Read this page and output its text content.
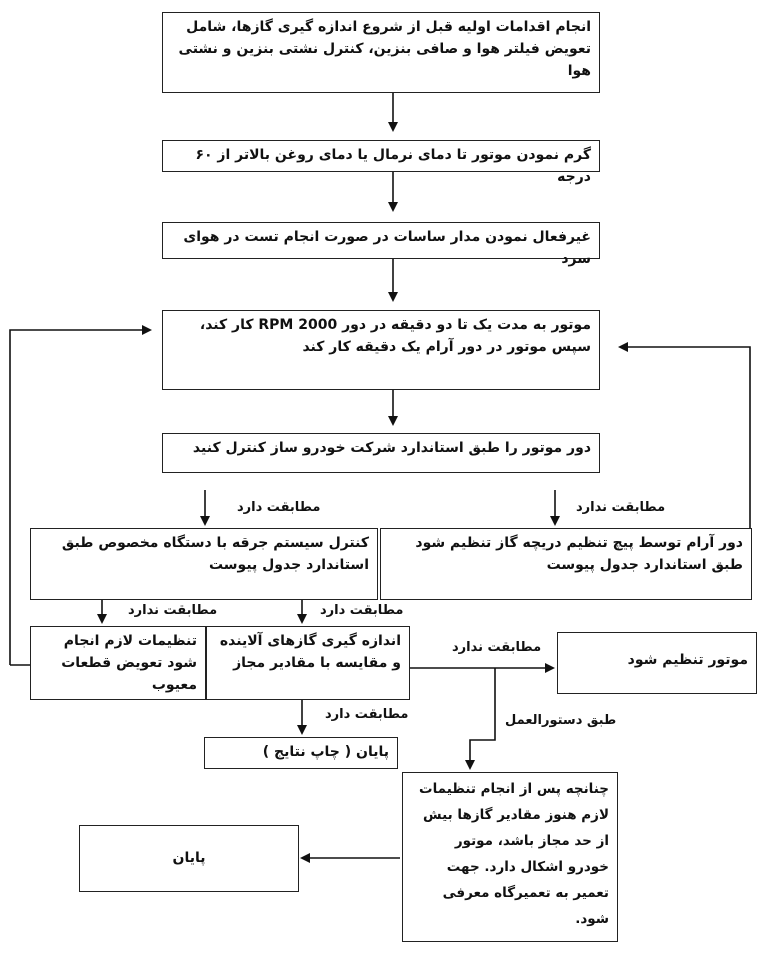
انجام اقدامات اولیه قبل از شروع اندازه گیری گازها، شامل تعویض فیلتر هوا و صافی بنزین، کنترل نشتی بنزین و نشتی هوا
گرم نمودن موتور تا دمای نرمال یا دمای روغن بالاتر از ۶۰ درجه
غیرفعال نمودن مدار ساسات در صورت انجام تست در هوای سرد
موتور به مدت یک تا دو دقیقه در دور 2000 RPM کار کند، سپس موتور در دور آرام یک دقیقه کار کند
دور موتور را طبق استاندارد شرکت خودرو ساز کنترل کنید
مطابقت دارد	مطابقت ندارد
کنترل سیستم جرقه با دستگاه مخصوص طبق استاندارد جدول پیوست
دور آرام توسط پیچ تنظیم دریچه گاز تنظیم شود طبق استاندارد جدول پیوست
مطابقت ندارد	مطابقت دارد
تنظیمات لازم انجام شود تعویض قطعات معیوب
اندازه گیری گازهای آلاینده و مقایسه با مقادیر مجاز
مطابقت ندارد
موتور تنظیم شود
مطابقت دارد	طبق دستورالعمل
پایان ( چاپ نتایج )
چنانچه پس از انجام تنظیمات لازم هنوز مقادیر گازها بیش از حد مجاز باشد، موتور خودرو اشکال دارد. جهت تعمیر به تعمیرگاه معرفی شود.
پایان
